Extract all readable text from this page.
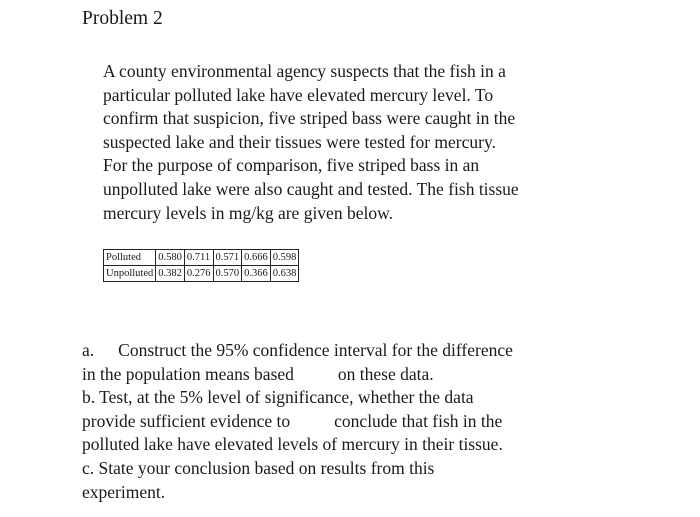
Problem 2
A county environmental agency suspects that the fish in a
particular polluted lake have elevated mercury level. To
confirm that suspicion, five striped bass were caught in the
suspected lake and their tissues were tested for mercury.
For the purpose of comparison, five striped bass in an
unpolluted lake were also caught and tested. The fish tissue
mercury levels in mg/kg are given below.
Polluted	0.580	0.711	0.571	0.666	0.598
Unpolluted	0.382	0.276	0.570	0.366	0.638
a. Construct the 95% confidence interval for the difference
in the population means based	on these data.
b. Test, at the 5% level of significance, whether the data
provide sufficient evidence to	conclude that fish in the
polluted lake have elevated levels of mercury in their tissue.
c. State your conclusion based on results from this
experiment.
